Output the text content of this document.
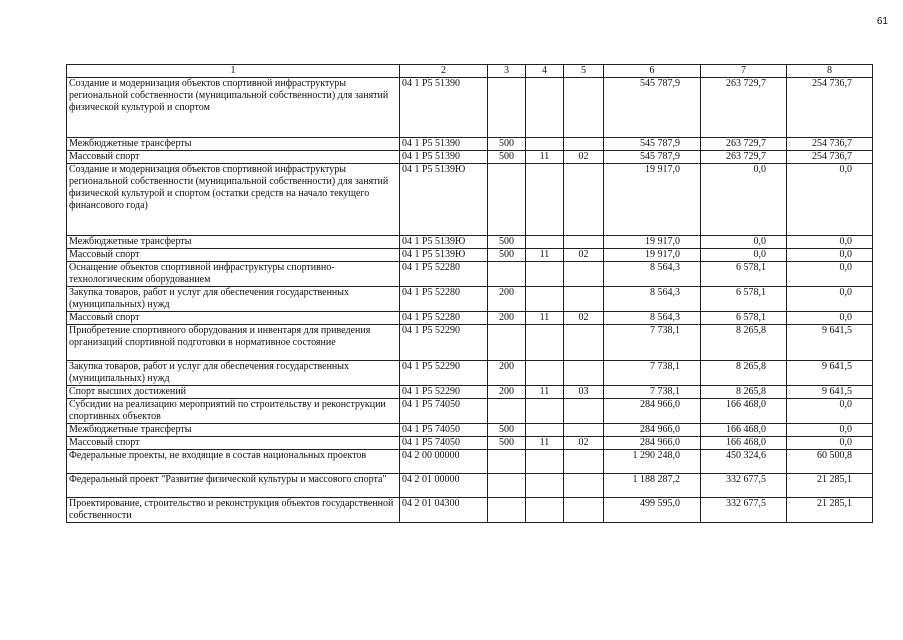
61
1	2	3	4	5	6	7	8
Создание и модернизация объектов спортивной инфраструктуры региональной собственности (муниципальной собственности) для занятий физической культурой и спортом	04 1 P5 51390				545 787,9	263 729,7	254 736,7
Межбюджетные трансферты	04 1 P5 51390	500			545 787,9	263 729,7	254 736,7
Массовый спорт	04 1 P5 51390	500	11	02	545 787,9	263 729,7	254 736,7
Создание и модернизация объектов спортивной инфраструктуры региональной собственности (муниципальной собственности) для занятий физической культурой и спортом (остатки средств на начало текущего финансового года)	04 1 P5 5139Ю				19 917,0	0,0	0,0
Межбюджетные трансферты	04 1 P5 5139Ю	500			19 917,0	0,0	0,0
Массовый спорт	04 1 P5 5139Ю	500	11	02	19 917,0	0,0	0,0
Оснащение объектов спортивной инфраструктуры спортивно-технологическим оборудованием	04 1 P5 52280				8 564,3	6 578,1	0,0
Закупка товаров, работ и услуг для обеспечения государственных (муниципальных) нужд	04 1 P5 52280	200			8 564,3	6 578,1	0,0
Массовый спорт	04 1 P5 52280	200	11	02	8 564,3	6 578,1	0,0
Приобретение спортивного оборудования и инвентаря для приведения организаций спортивной подготовки в нормативное состояние	04 1 P5 52290				7 738,1	8 265,8	9 641,5
Закупка товаров, работ и услуг для обеспечения государственных (муниципальных) нужд	04 1 P5 52290	200			7 738,1	8 265,8	9 641,5
Спорт высших достижений	04 1 P5 52290	200	11	03	7 738,1	8 265,8	9 641,5
Субсидии на реализацию мероприятий по строительству и реконструкции спортивных объектов	04 1 P5 74050				284 966,0	166 468,0	0,0
Межбюджетные трансферты	04 1 P5 74050	500			284 966,0	166 468,0	0,0
Массовый спорт	04 1 P5 74050	500	11	02	284 966,0	166 468,0	0,0
Федеральные проекты, не входящие в состав национальных проектов	04 2 00 00000				1 290 248,0	450 324,6	60 500,8
Федеральный проект "Развитие физической культуры и массового спорта"	04 2 01 00000				1 188 287,2	332 677,5	21 285,1
Проектирование, строительство и реконструкция объектов государственной собственности	04 2 01 04300				499 595,0	332 677,5	21 285,1
